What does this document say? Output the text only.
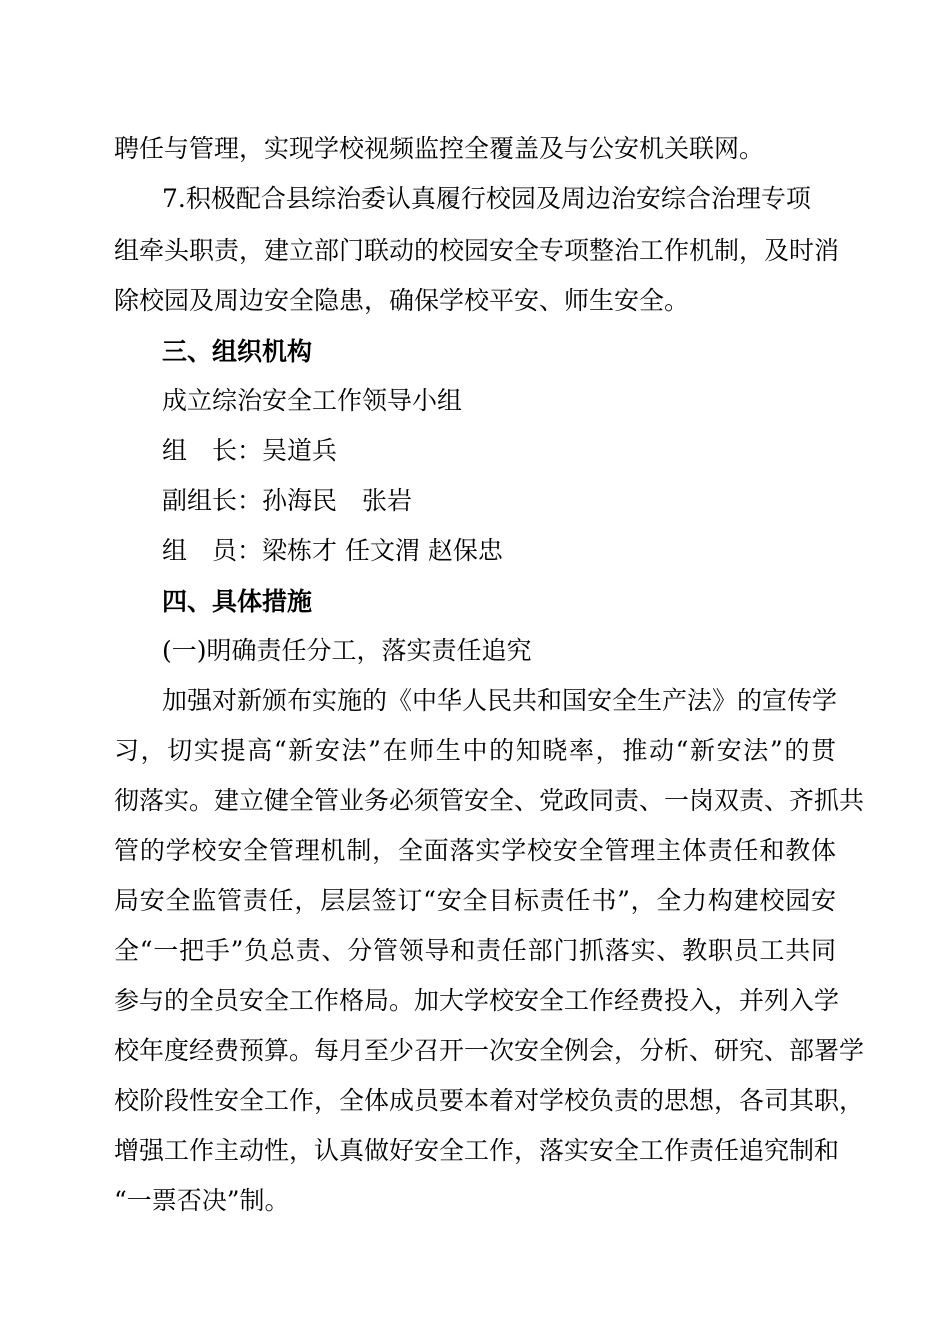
聘任与管理，实现学校视频监控全覆盖及与公安机关联网。
7.积极配合县综治委认真履行校园及周边治安综合治理专项
组牵头职责，建立部门联动的校园安全专项整治工作机制，及时消
除校园及周边安全隐患，确保学校平安、师生安全。
三、组织机构
成立综治安全工作领导小组
组　长：吴道兵
副组长：孙海民　张岩
组　员：梁栋才 任文渭 赵保忠
四、具体措施
(一)明确责任分工，落实责任追究
加强对新颁布实施的《中华人民共和国安全生产法》的宣传学
习，切实提高“新安法”在师生中的知晓率，推动“新安法”的贯
彻落实。建立健全管业务必须管安全、党政同责、一岗双责、齐抓共
管的学校安全管理机制，全面落实学校安全管理主体责任和教体
局安全监管责任，层层签订“安全目标责任书”，全力构建校园安
全“一把手”负总责、分管领导和责任部门抓落实、教职员工共同
参与的全员安全工作格局。加大学校安全工作经费投入，并列入学
校年度经费预算。每月至少召开一次安全例会，分析、研究、部署学
校阶段性安全工作，全体成员要本着对学校负责的思想，各司其职，
增强工作主动性，认真做好安全工作，落实安全工作责任追究制和
“一票否决”制。
